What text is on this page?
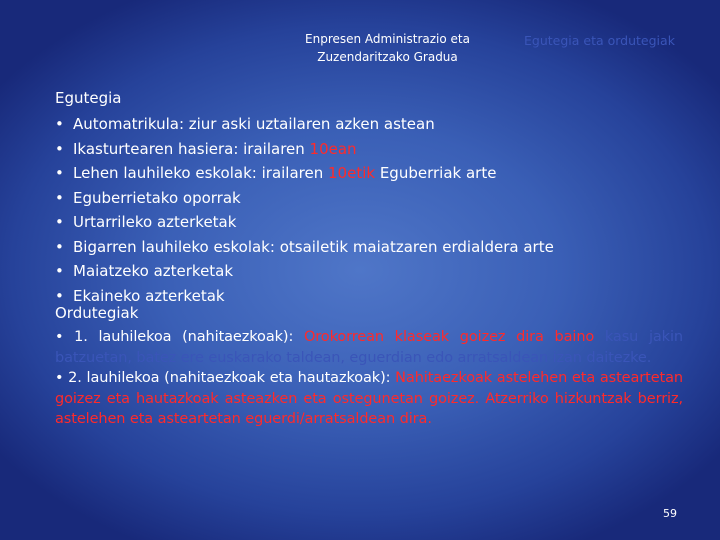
Enpresen Administrazio eta
Zuzendaritzako Gradua
Egutegia eta ordutegiak
Egutegia
• Automatrikula: ziur aski uztailaren azken astean
• Ikasturtearen hasiera: irailaren 10ean
• Lehen lauhileko eskolak: irailaren 10etik Eguberriak arte
• Eguberrietako oporrak
• Urtarrileko azterketak
• Bigarren lauhileko eskolak: otsailetik maiatzaren erdialdera arte
• Maiatzeko azterketak
• Ekaineko azterketak
Ordutegiak

• 1. lauhilekoa (nahitaezkoak): Orokorrean klaseak goizez dira baino kasu jakin batzuetan, batez ere euskarako taldean, eguerdian edo arratsaldean izan daitezke.
• 2. lauhilekoa (nahitaezkoak eta hautazkoak): Nahitaezkoak astelehen eta asteartetan goizez eta hautazkoak asteazken eta ostegunetan goizez. Atzerriko hizkuntzak berriz, astelehen eta asteartetan eguerdi/arratsaldean dira.

59
